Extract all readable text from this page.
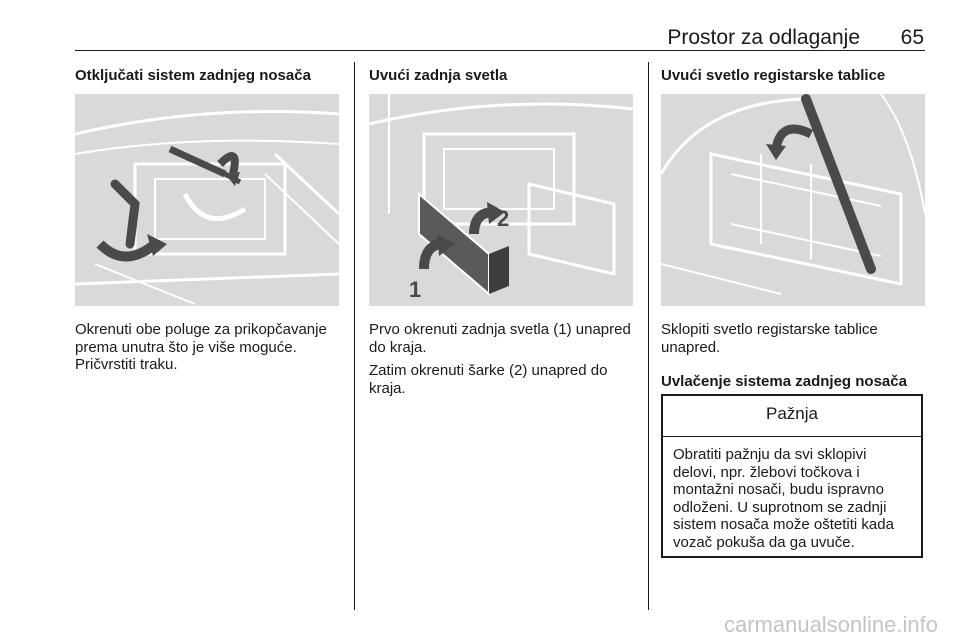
Prostor za odlaganje	65
Otključati sistem zadnjeg nosača

Okrenuti obe poluge za prikopčavanje prema unutra što je više moguće. Pričvrstiti traku.

Uvući zadnja svetla
1
2

Prvo okrenuti zadnja svetla (1) unapred do kraja.

Zatim okrenuti šarke (2) unapred do kraja.

Uvući svetlo registarske tablice

Sklopiti svetlo registarske tablice unapred.

Uvlačenje sistema zadnjeg nosača
Pažnja
Obratiti pažnju da svi sklopivi delovi, npr. žlebovi točkova i montažni nosači, budu ispravno odloženi. U suprotnom se zadnji sistem nosača može oštetiti kada vozač pokuša da ga uvuče.
carmanualsonline.info
